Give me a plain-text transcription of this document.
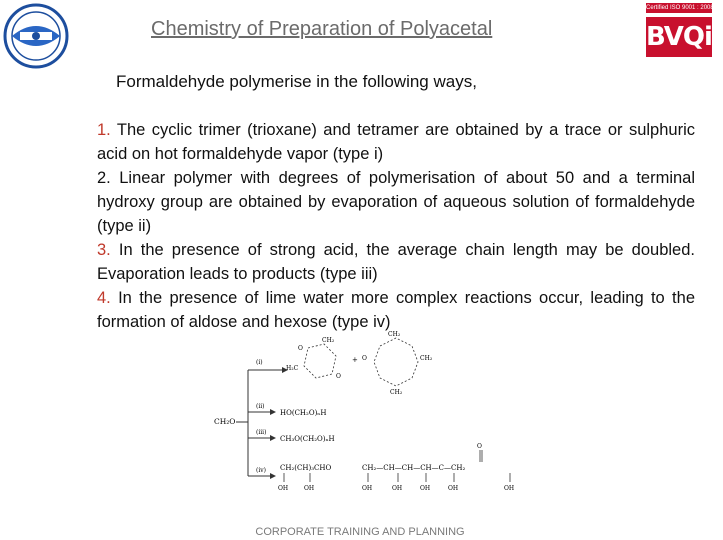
Chemistry of Preparation of Polyacetal
Certified ISO 9001 : 2008 Inc
BVQi
Formaldehyde polymerise in the following ways,

1. The cyclic trimer (trioxane) and tetramer are obtained by a trace or sulphuric acid on hot formaldehyde vapor (type i)

2. Linear polymer with degrees of polymerisation of about 50 and a terminal hydroxy group are obtained by evaporation of aqueous solution of formaldehyde (type ii)

3. In the presence of strong acid, the average chain length may be doubled. Evaporation leads to products (type iii)

4. In the presence of lime water more complex reactions occur, leading to the formation of aldose and hexose (type iv)

CH₂O
(i)
(ii)
(iii)
(iv)
O
CH₂
H₂C
O
+
CH₂
CH₂
O
CH₂
HO(CH₂O)ₙH
CH₃O(CH₂O)ₙH
CH₂(CH)₃CHO	CH₂—CH—CH—CH—C—CH₂
O
OH	OH	OH	OH	OH	OH	OH
CORPORATE TRAINING AND PLANNING
